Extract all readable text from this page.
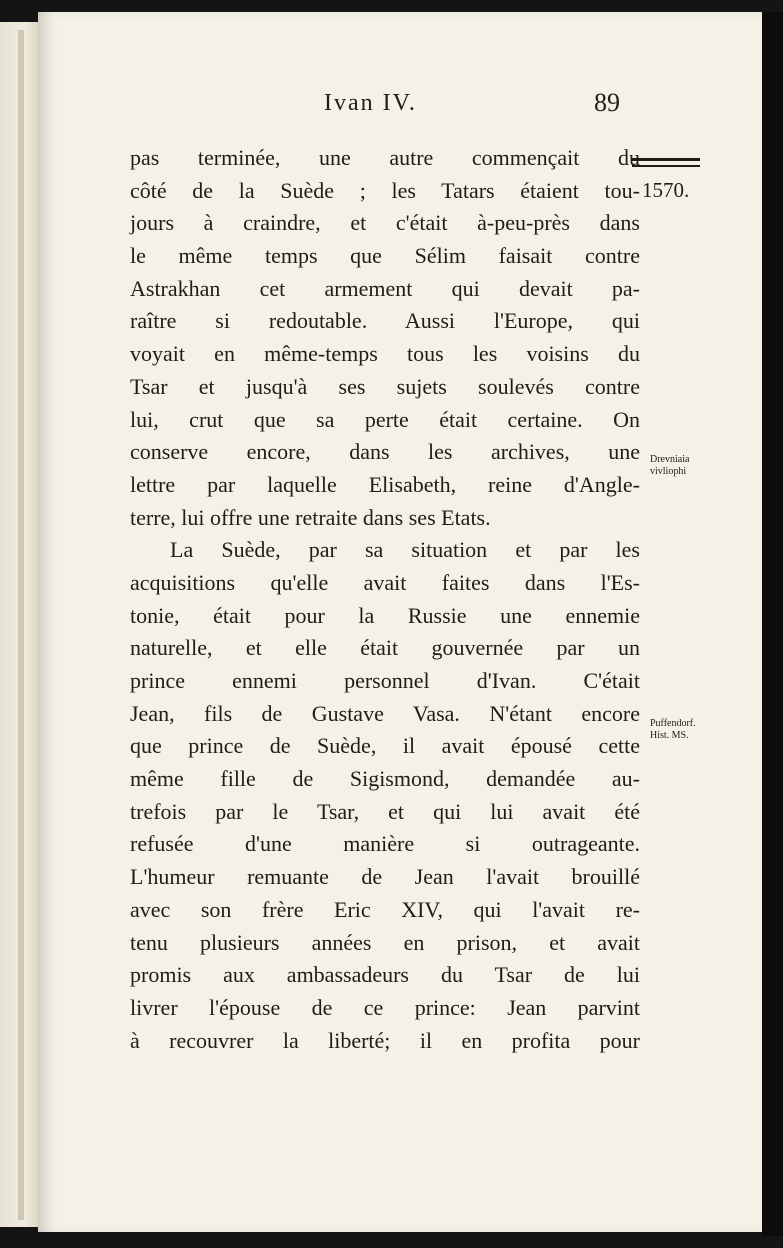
Ivan IV.	89
pas terminée, une autre commençait du
côté de la Suède ; les Tatars étaient tou-
jours à craindre, et c'était à-peu-près dans
le même temps que Sélim faisait contre
Astrakhan cet armement qui devait pa-
raître si redoutable. Aussi l'Europe, qui
voyait en même-temps tous les voisins du
Tsar et jusqu'à ses sujets soulevés contre
lui, crut que sa perte était certaine. On
conserve encore, dans les archives, une
lettre par laquelle Elisabeth, reine d'Angle-
terre, lui offre une retraite dans ses Etats.
La Suède, par sa situation et par les
acquisitions qu'elle avait faites dans l'Es-
tonie, était pour la Russie une ennemie
naturelle, et elle était gouvernée par un
prince ennemi personnel d'Ivan. C'était
Jean, fils de Gustave Vasa. N'étant encore
que prince de Suède, il avait épousé cette
même fille de Sigismond, demandée au-
trefois par le Tsar, et qui lui avait été
refusée d'une manière si outrageante.
L'humeur remuante de Jean l'avait brouillé
avec son frère Eric XIV, qui l'avait re-
tenu plusieurs années en prison, et avait
promis aux ambassadeurs du Tsar de lui
livrer l'épouse de ce prince: Jean parvint
à recouvrer la liberté; il en profita pour
1570.
Drevniaia
vivliophi
Puffendorf.
Hist. MS.
